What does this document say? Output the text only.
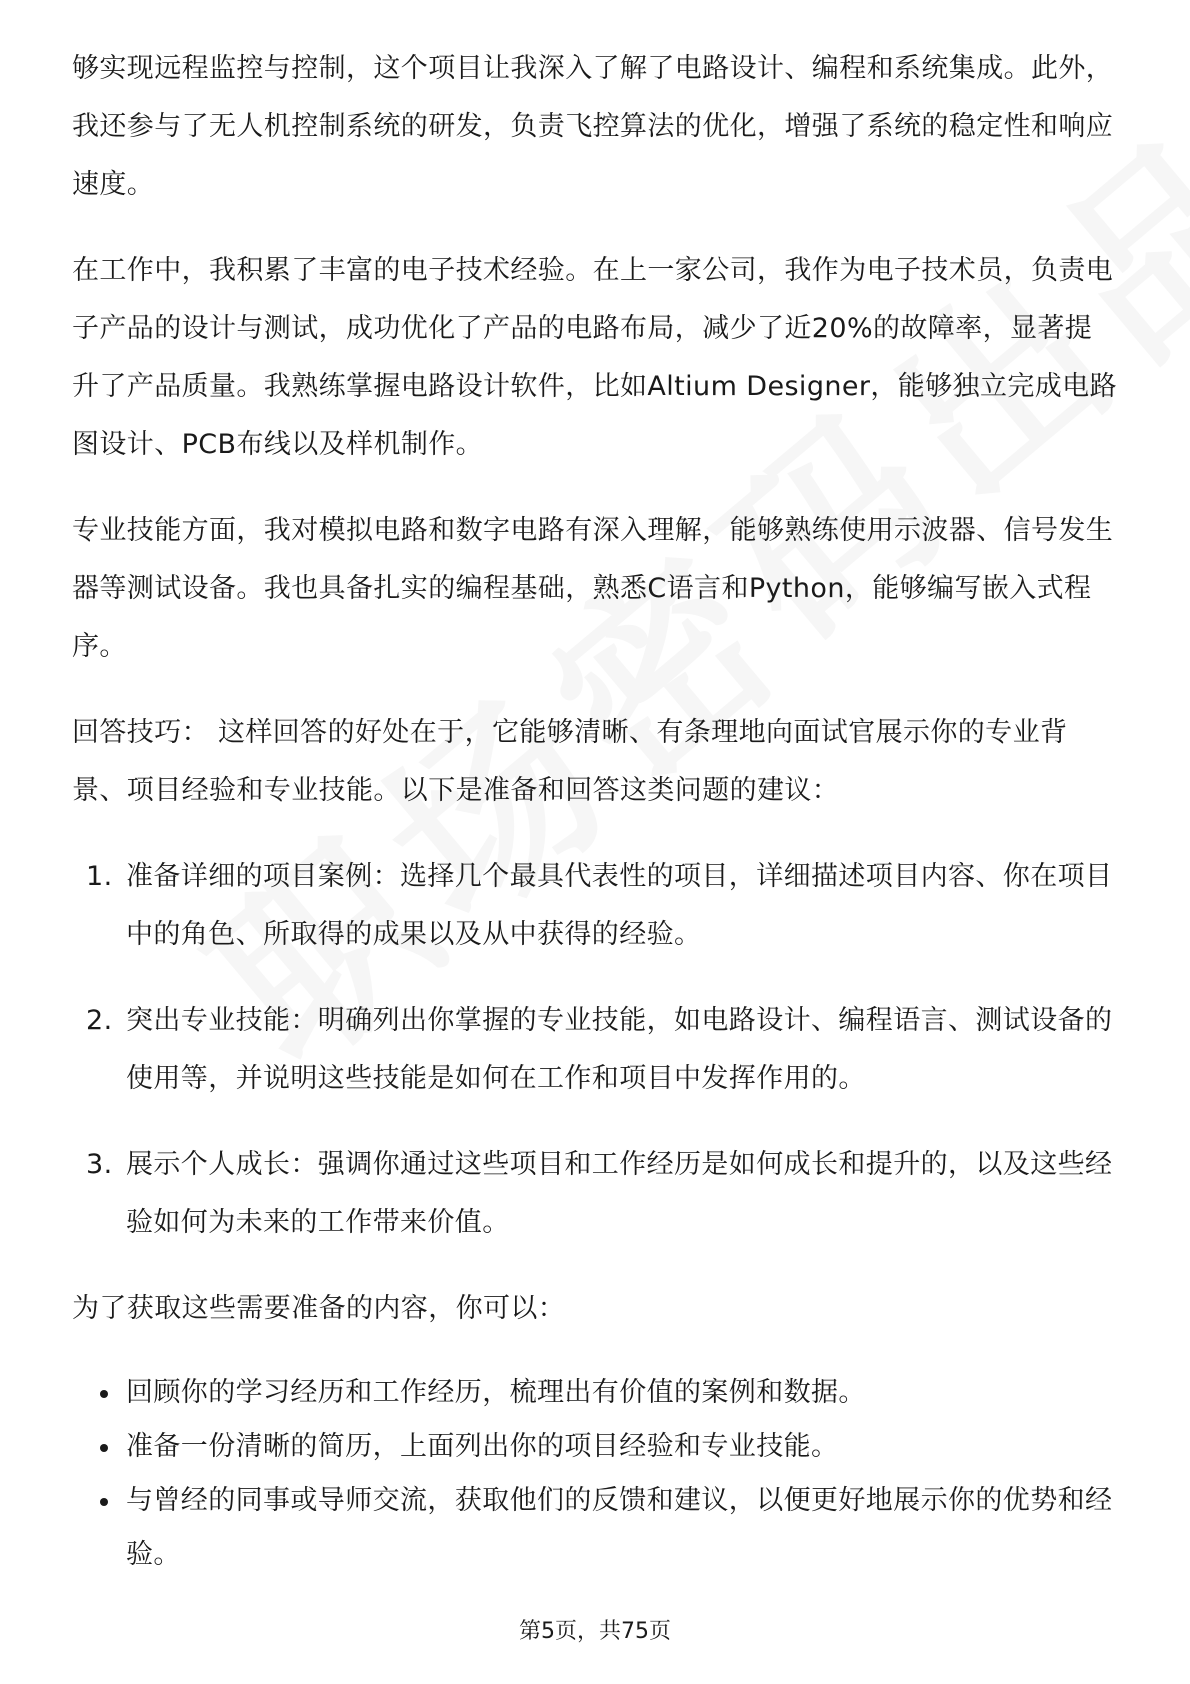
够实现远程监控与控制，这个项目让我深入了解了电路设计、编程和系统集成。此外，我还参与了无人机控制系统的研发，负责飞控算法的优化，增强了系统的稳定性和响应速度。

在工作中，我积累了丰富的电子技术经验。在上一家公司，我作为电子技术员，负责电子产品的设计与测试，成功优化了产品的电路布局，减少了近20%的故障率，显著提升了产品质量。我熟练掌握电路设计软件，比如Altium Designer，能够独立完成电路图设计、PCB布线以及样机制作。

专业技能方面，我对模拟电路和数字电路有深入理解，能够熟练使用示波器、信号发生器等测试设备。我也具备扎实的编程基础，熟悉C语言和Python，能够编写嵌入式程序。

回答技巧： 这样回答的好处在于，它能够清晰、有条理地向面试官展示你的专业背景、项目经验和专业技能。以下是准备和回答这类问题的建议：

1. 准备详细的项目案例：选择几个最具代表性的项目，详细描述项目内容、你在项目中的角色、所取得的成果以及从中获得的经验。
2. 突出专业技能：明确列出你掌握的专业技能，如电路设计、编程语言、测试设备的使用等，并说明这些技能是如何在工作和项目中发挥作用的。
3. 展示个人成长：强调你通过这些项目和工作经历是如何成长和提升的，以及这些经验如何为未来的工作带来价值。

为了获取这些需要准备的内容，你可以：

回顾你的学习经历和工作经历，梳理出有价值的案例和数据。
准备一份清晰的简历，上面列出你的项目经验和专业技能。
与曾经的同事或导师交流，获取他们的反馈和建议，以便更好地展示你的优势和经验。
第5页，共75页
